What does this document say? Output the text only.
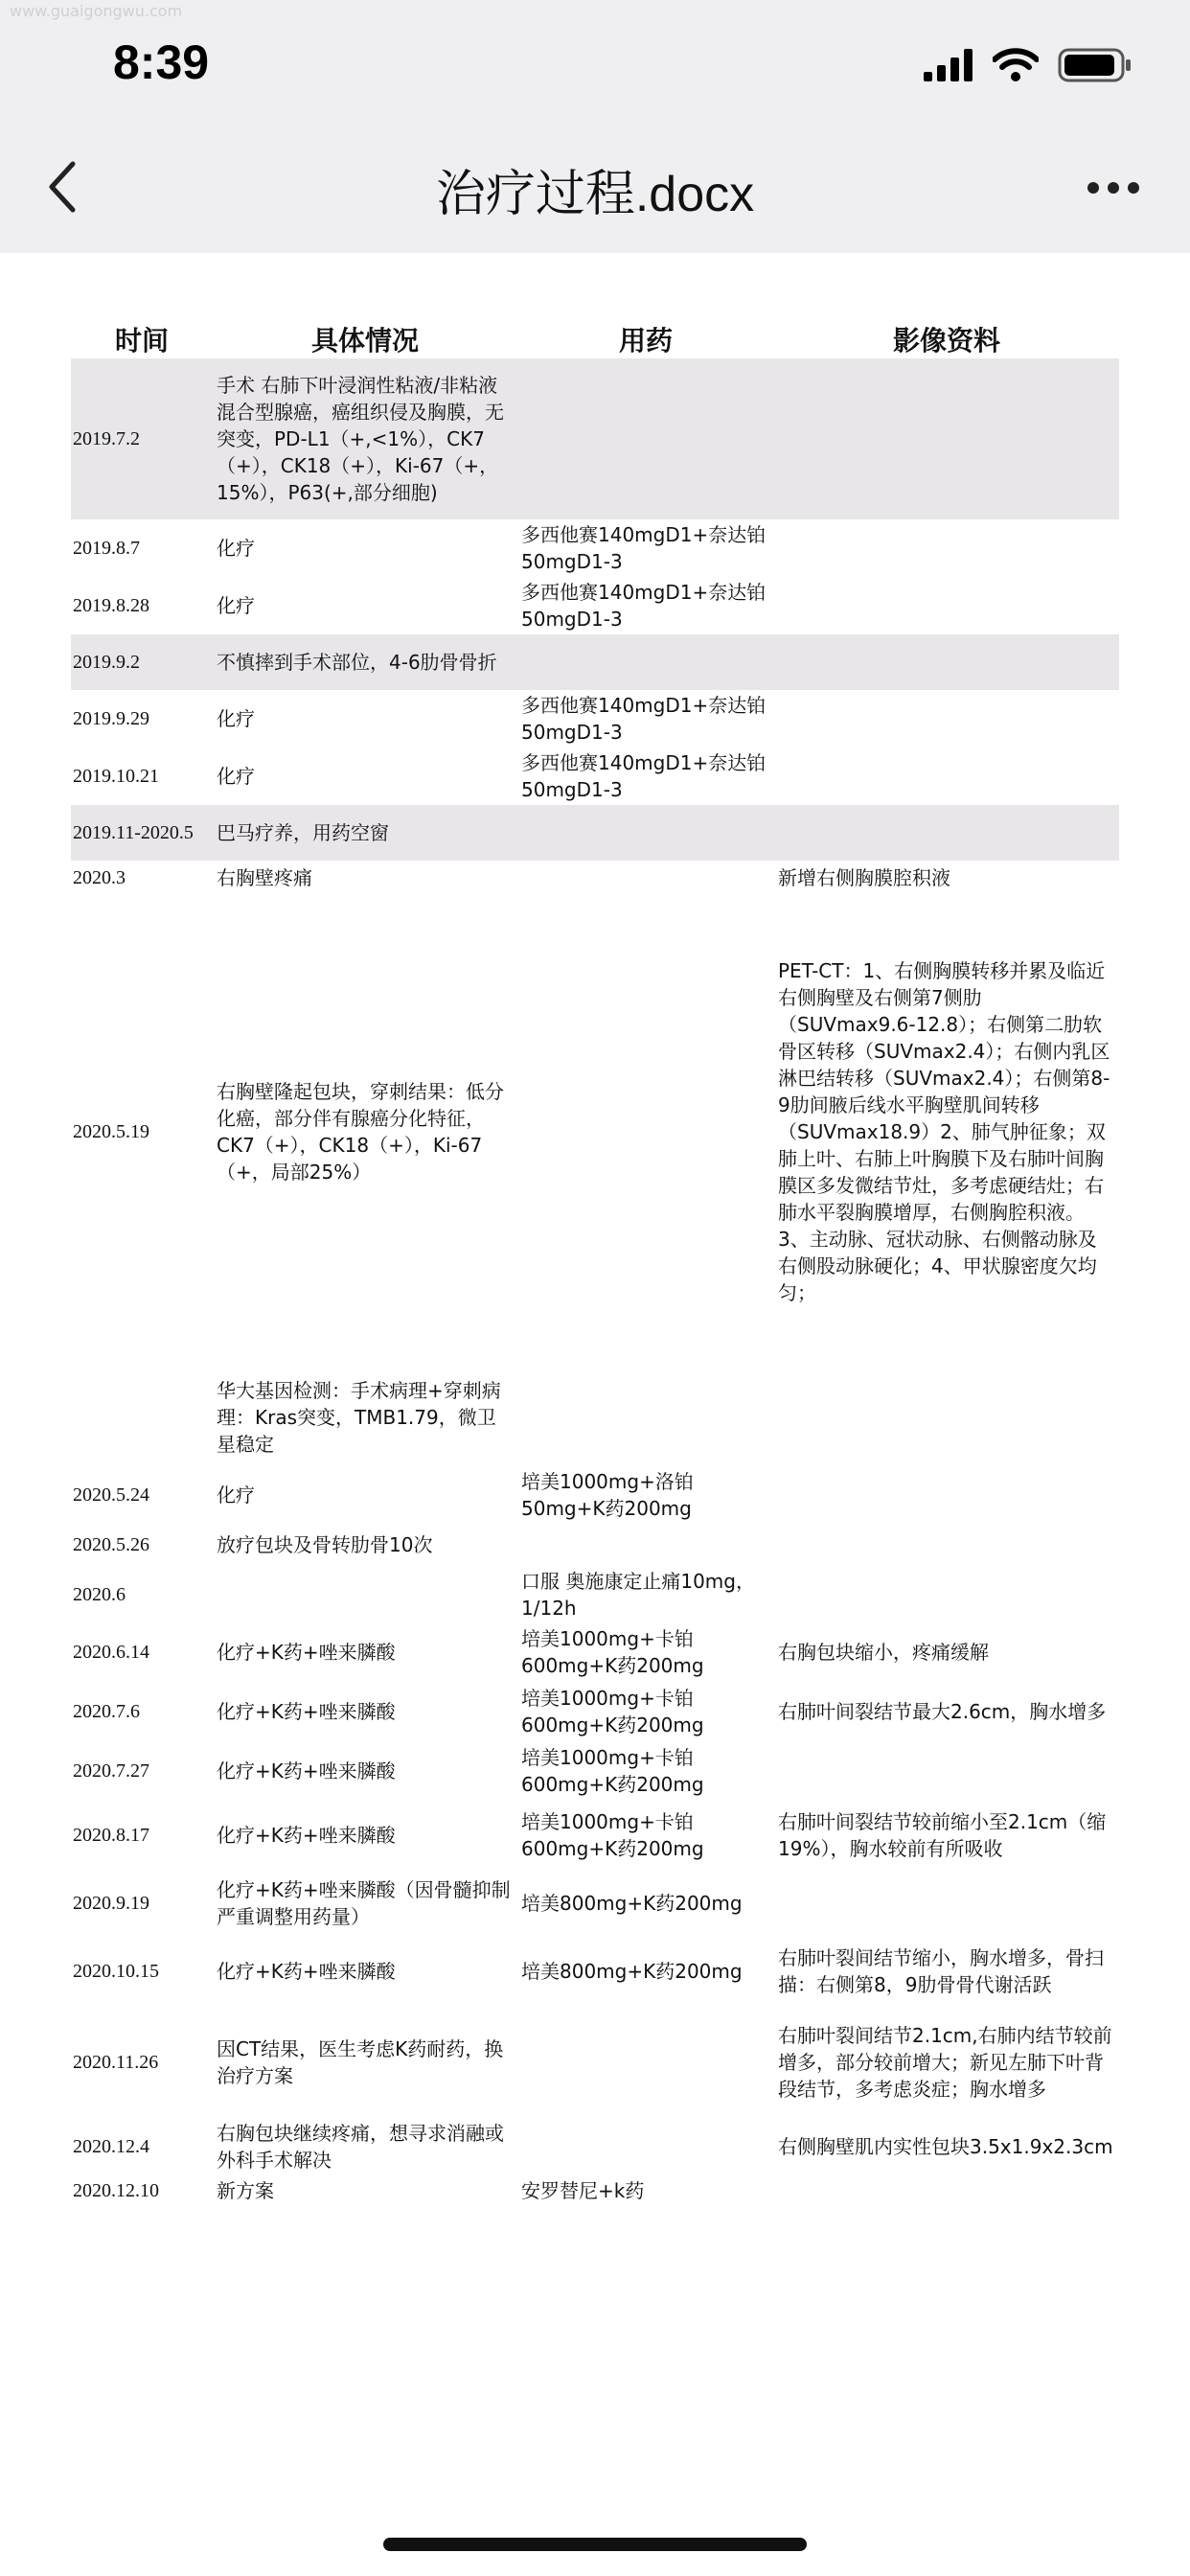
www.guaigongwu.com
8:39
治疗过程.docx
时间	具体情况	用药	影像资料
2019.7.2	手术 右肺下叶浸润性粘液/非粘液混合型腺癌，癌组织侵及胸膜，无突变，PD-L1（+,<1%），CK7（+），CK18（+），Ki-67（+，15%），P63(+,部分细胞)		
2019.8.7	化疗	多西他赛140mgD1+奈达铂50mgD1-3	
2019.8.28	化疗	多西他赛140mgD1+奈达铂50mgD1-3	
2019.9.2	不慎摔到手术部位，4-6肋骨骨折		
2019.9.29	化疗	多西他赛140mgD1+奈达铂50mgD1-3	
2019.10.21	化疗	多西他赛140mgD1+奈达铂50mgD1-3	
2019.11-2020.5	巴马疗养，用药空窗		
2020.3	右胸壁疼痛		新增右侧胸膜腔积液
2020.5.19	右胸壁隆起包块，穿刺结果：低分化癌，部分伴有腺癌分化特征，CK7（+），CK18（+），Ki-67（+，局部25%）		PET-CT：1、右侧胸膜转移并累及临近右侧胸壁及右侧第7侧肋（SUVmax9.6-12.8）；右侧第二肋软骨区转移（SUVmax2.4）；右侧内乳区淋巴结转移（SUVmax2.4）；右侧第8-9肋间腋后线水平胸壁肌间转移（SUVmax18.9）2、肺气肿征象；双肺上叶、右肺上叶胸膜下及右肺叶间胸膜区多发微结节灶，多考虑硬结灶；右肺水平裂胸膜增厚，右侧胸腔积液。3、主动脉、冠状动脉、右侧髂动脉及右侧股动脉硬化；4、甲状腺密度欠均匀；
	华大基因检测：手术病理+穿刺病理：Kras突变，TMB1.79，微卫星稳定		
2020.5.24	化疗	培美1000mg+洛铂50mg+K药200mg	
2020.5.26	放疗包块及骨转肋骨10次		
2020.6		口服 奥施康定止痛10mg，1/12h	
2020.6.14	化疗+K药+唑来膦酸	培美1000mg+卡铂600mg+K药200mg	右胸包块缩小，疼痛缓解
2020.7.6	化疗+K药+唑来膦酸	培美1000mg+卡铂600mg+K药200mg	右肺叶间裂结节最大2.6cm，胸水增多
2020.7.27	化疗+K药+唑来膦酸	培美1000mg+卡铂600mg+K药200mg	
2020.8.17	化疗+K药+唑来膦酸	培美1000mg+卡铂600mg+K药200mg	右肺叶间裂结节较前缩小至2.1cm（缩19%），胸水较前有所吸收
2020.9.19	化疗+K药+唑来膦酸（因骨髓抑制严重调整用药量）	培美800mg+K药200mg	
2020.10.15	化疗+K药+唑来膦酸	培美800mg+K药200mg	右肺叶裂间结节缩小，胸水增多，骨扫描：右侧第8，9肋骨骨代谢活跃
2020.11.26	因CT结果，医生考虑K药耐药，换治疗方案		右肺叶裂间结节2.1cm,右肺内结节较前增多，部分较前增大；新见左肺下叶背段结节，多考虑炎症；胸水增多
2020.12.4	右胸包块继续疼痛，想寻求消融或外科手术解决		右侧胸壁肌内实性包块3.5x1.9x2.3cm
2020.12.10	新方案	安罗替尼+k药	
